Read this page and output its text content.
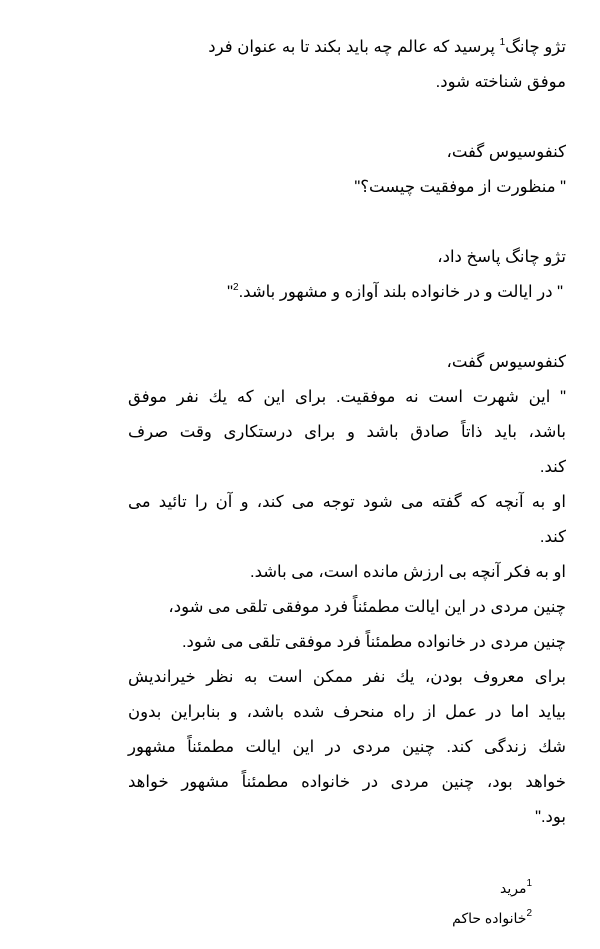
تژو چانگ$^1$ پرسید که عالم چه باید بکند تا به عنوان فرد
موفق شناخته شود.
کنفوسیوس گفت،
" منظورت از موفقیت چیست؟"
تژو چانگ پاسخ داد،
" در ایالت و در خانواده بلند آوازه و مشهور باشد.$^2$"
کنفوسیوس گفت،
" این شهرت است نه موفقیت. برای این که یك نفر موفق
باشد، باید ذاتاً صادق باشد و برای درستکاری وقت صرف
کند.
او به آنچه که گفته می شود توجه می کند، و آن را تائید می
کند.
او به فکر آنچه بی ارزش مانده است، می باشد.
چنین مردی در این ایالت مطمئناً فرد موفقی تلقی می شود،
چنین مردی در خانواده مطمئناً فرد موفقی تلقی می شود.
برای معروف بودن، یك نفر ممکن است به نظر خیراندیش
بیاید اما در عمل از راه منحرف شده باشد، و بنابراین بدون
شك زندگی کند. چنین مردی در این ایالت مطمئناً مشهور
خواهد بود، چنین مردی در خانواده مطمئناً مشهور خواهد
بود."
$^1$مرید
$^2$خانواده حاکم
